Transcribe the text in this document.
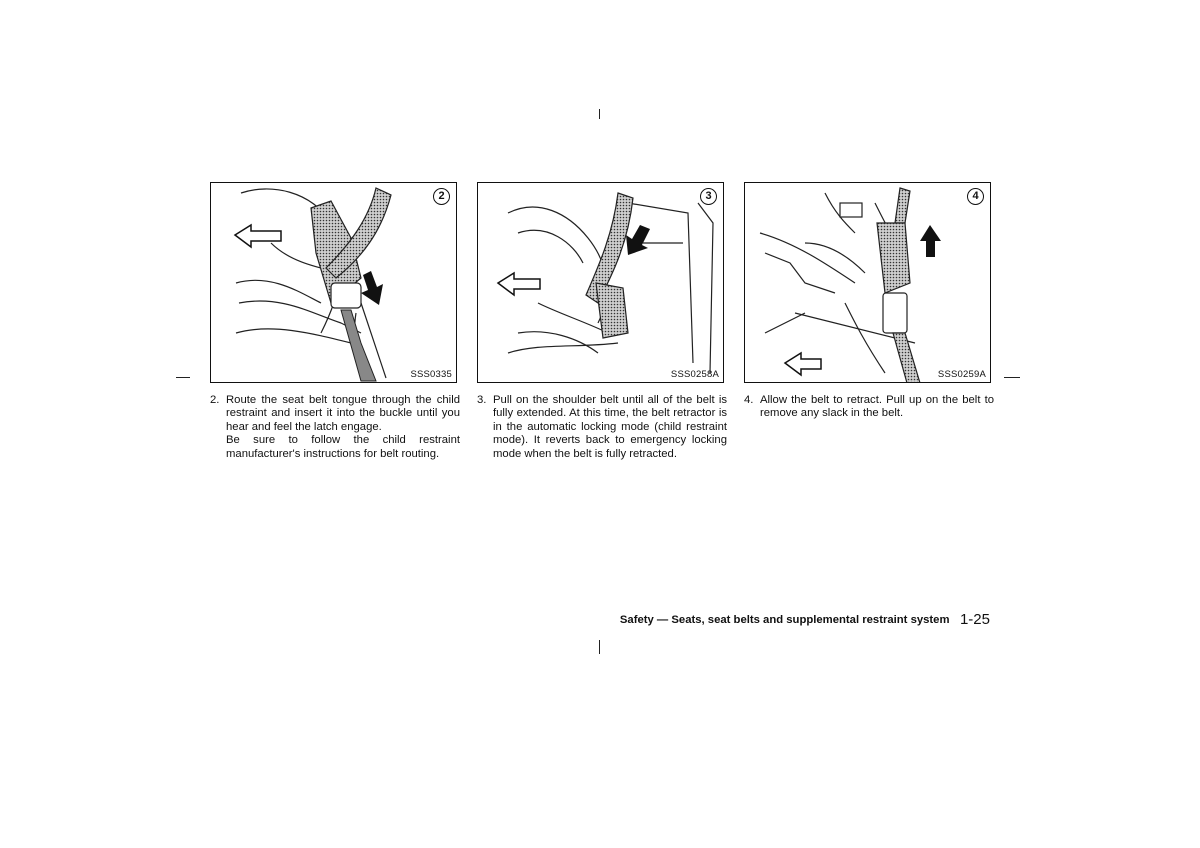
2
SSS0335
3
SSS0258A
4
SSS0259A
2. Route the seat belt tongue through the child restraint and insert it into the buckle until you hear and feel the latch engage.

Be sure to follow the child restraint manufacturer's instructions for belt routing.

3. Pull on the shoulder belt until all of the belt is fully extended. At this time, the belt retractor is in the automatic locking mode (child restraint mode). It reverts back to emergency locking mode when the belt is fully retracted.

4. Allow the belt to retract. Pull up on the belt to remove any slack in the belt.

Safety — Seats, seat belts and supplemental restraint system 1-25
